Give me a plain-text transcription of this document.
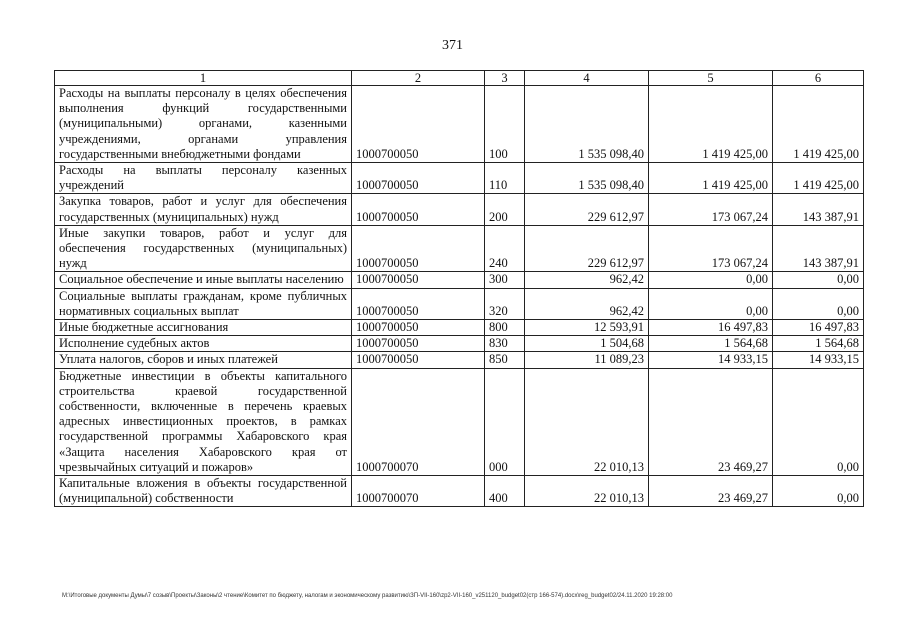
371
1	2	3	4	5	6
Расходы на выплаты персоналу в целях обеспечения выполнения функций государственными (муниципальными) органами, казенными учреждениями, органами управления государственными внебюджетными фондами	1000700050	100	1 535 098,40	1 419 425,00	1 419 425,00
Расходы на выплаты персоналу казенных учреждений	1000700050	110	1 535 098,40	1 419 425,00	1 419 425,00
Закупка товаров, работ и услуг для обеспечения государственных (муниципальных) нужд	1000700050	200	229 612,97	173 067,24	143 387,91
Иные закупки товаров, работ и услуг для обеспечения государственных (муниципальных) нужд	1000700050	240	229 612,97	173 067,24	143 387,91
Социальное обеспечение и иные выплаты населению	1000700050	300	962,42	0,00	0,00
Социальные выплаты гражданам, кроме публичных нормативных социальных выплат	1000700050	320	962,42	0,00	0,00
Иные бюджетные ассигнования	1000700050	800	12 593,91	16 497,83	16 497,83
Исполнение судебных актов	1000700050	830	1 504,68	1 564,68	1 564,68
Уплата налогов, сборов и иных платежей	1000700050	850	11 089,23	14 933,15	14 933,15
Бюджетные инвестиции в объекты капитального строительства краевой государственной собственности, включенные в перечень краевых адресных инвестиционных проектов, в рамках государственной программы Хабаровского края «Защита населения Хабаровского края от чрезвычайных ситуаций и пожаров»	1000700070	000	22 010,13	23 469,27	0,00
Капитальные вложения в объекты государственной (муниципальной) собственности	1000700070	400	22 010,13	23 469,27	0,00
M:\Итоговые документы Думы\7 созыв\Проекты\Законы\2 чтение\Комитет по бюджету, налогам и экономическому развитию\ЗП-VII-160\zp2-VII-160_v251120_budget02(стр 166-574).docx\reg_budget02/24.11.2020 19:28:00
